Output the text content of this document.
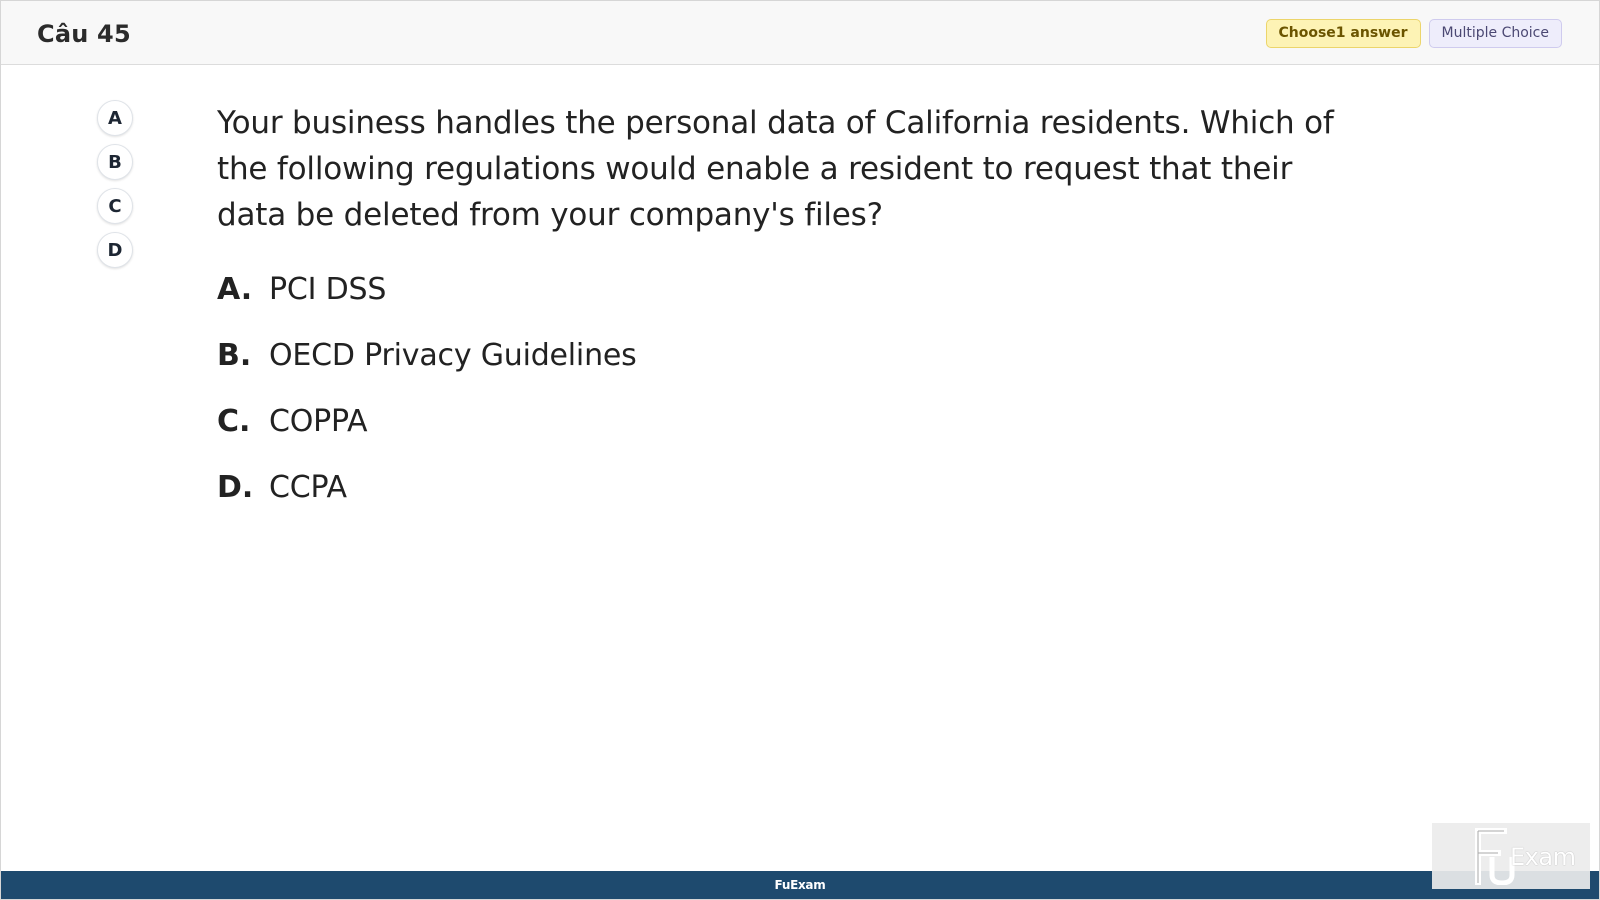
Câu 45	Choose1 answer	Multiple Choice
A
B
C
D
Your business handles the personal data of California residents. Which of the following regulations would enable a resident to request that their data be deleted from your company's files?
A. PCI DSS
B. OECD Privacy Guidelines
C. COPPA
D. CCPA
FuExam
Exam
